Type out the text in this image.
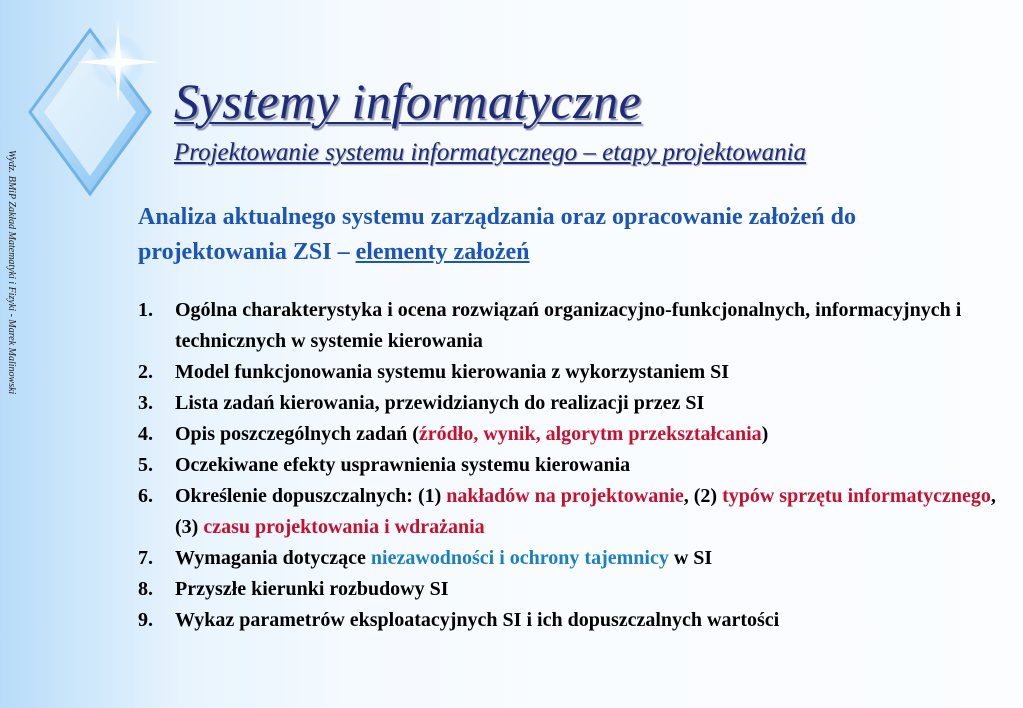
Wydz. BMiP Zakład Matematyki i Fizyki - Marek Malinowski
Systemy informatyczne
Projektowanie systemu informatycznego – etapy projektowania
Analiza aktualnego systemu zarządzania oraz opracowanie założeń do projektowania ZSI – elementy założeń
1. Ogólna charakterystyka i ocena rozwiązań organizacyjno-funkcjonalnych, informacyjnych i technicznych w systemie kierowania
2. Model funkcjonowania systemu kierowania z wykorzystaniem SI
3. Lista zadań kierowania, przewidzianych do realizacji przez SI
4. Opis poszczególnych zadań (źródło, wynik, algorytm przekształcania)
5. Oczekiwane efekty usprawnienia systemu kierowania
6. Określenie dopuszczalnych: (1) nakładów na projektowanie, (2) typów sprzętu informatycznego, (3) czasu projektowania i wdrażania
7. Wymagania dotyczące niezawodności i ochrony tajemnicy w SI
8. Przyszłe kierunki rozbudowy SI
9. Wykaz parametrów eksploatacyjnych SI i ich dopuszczalnych wartości
